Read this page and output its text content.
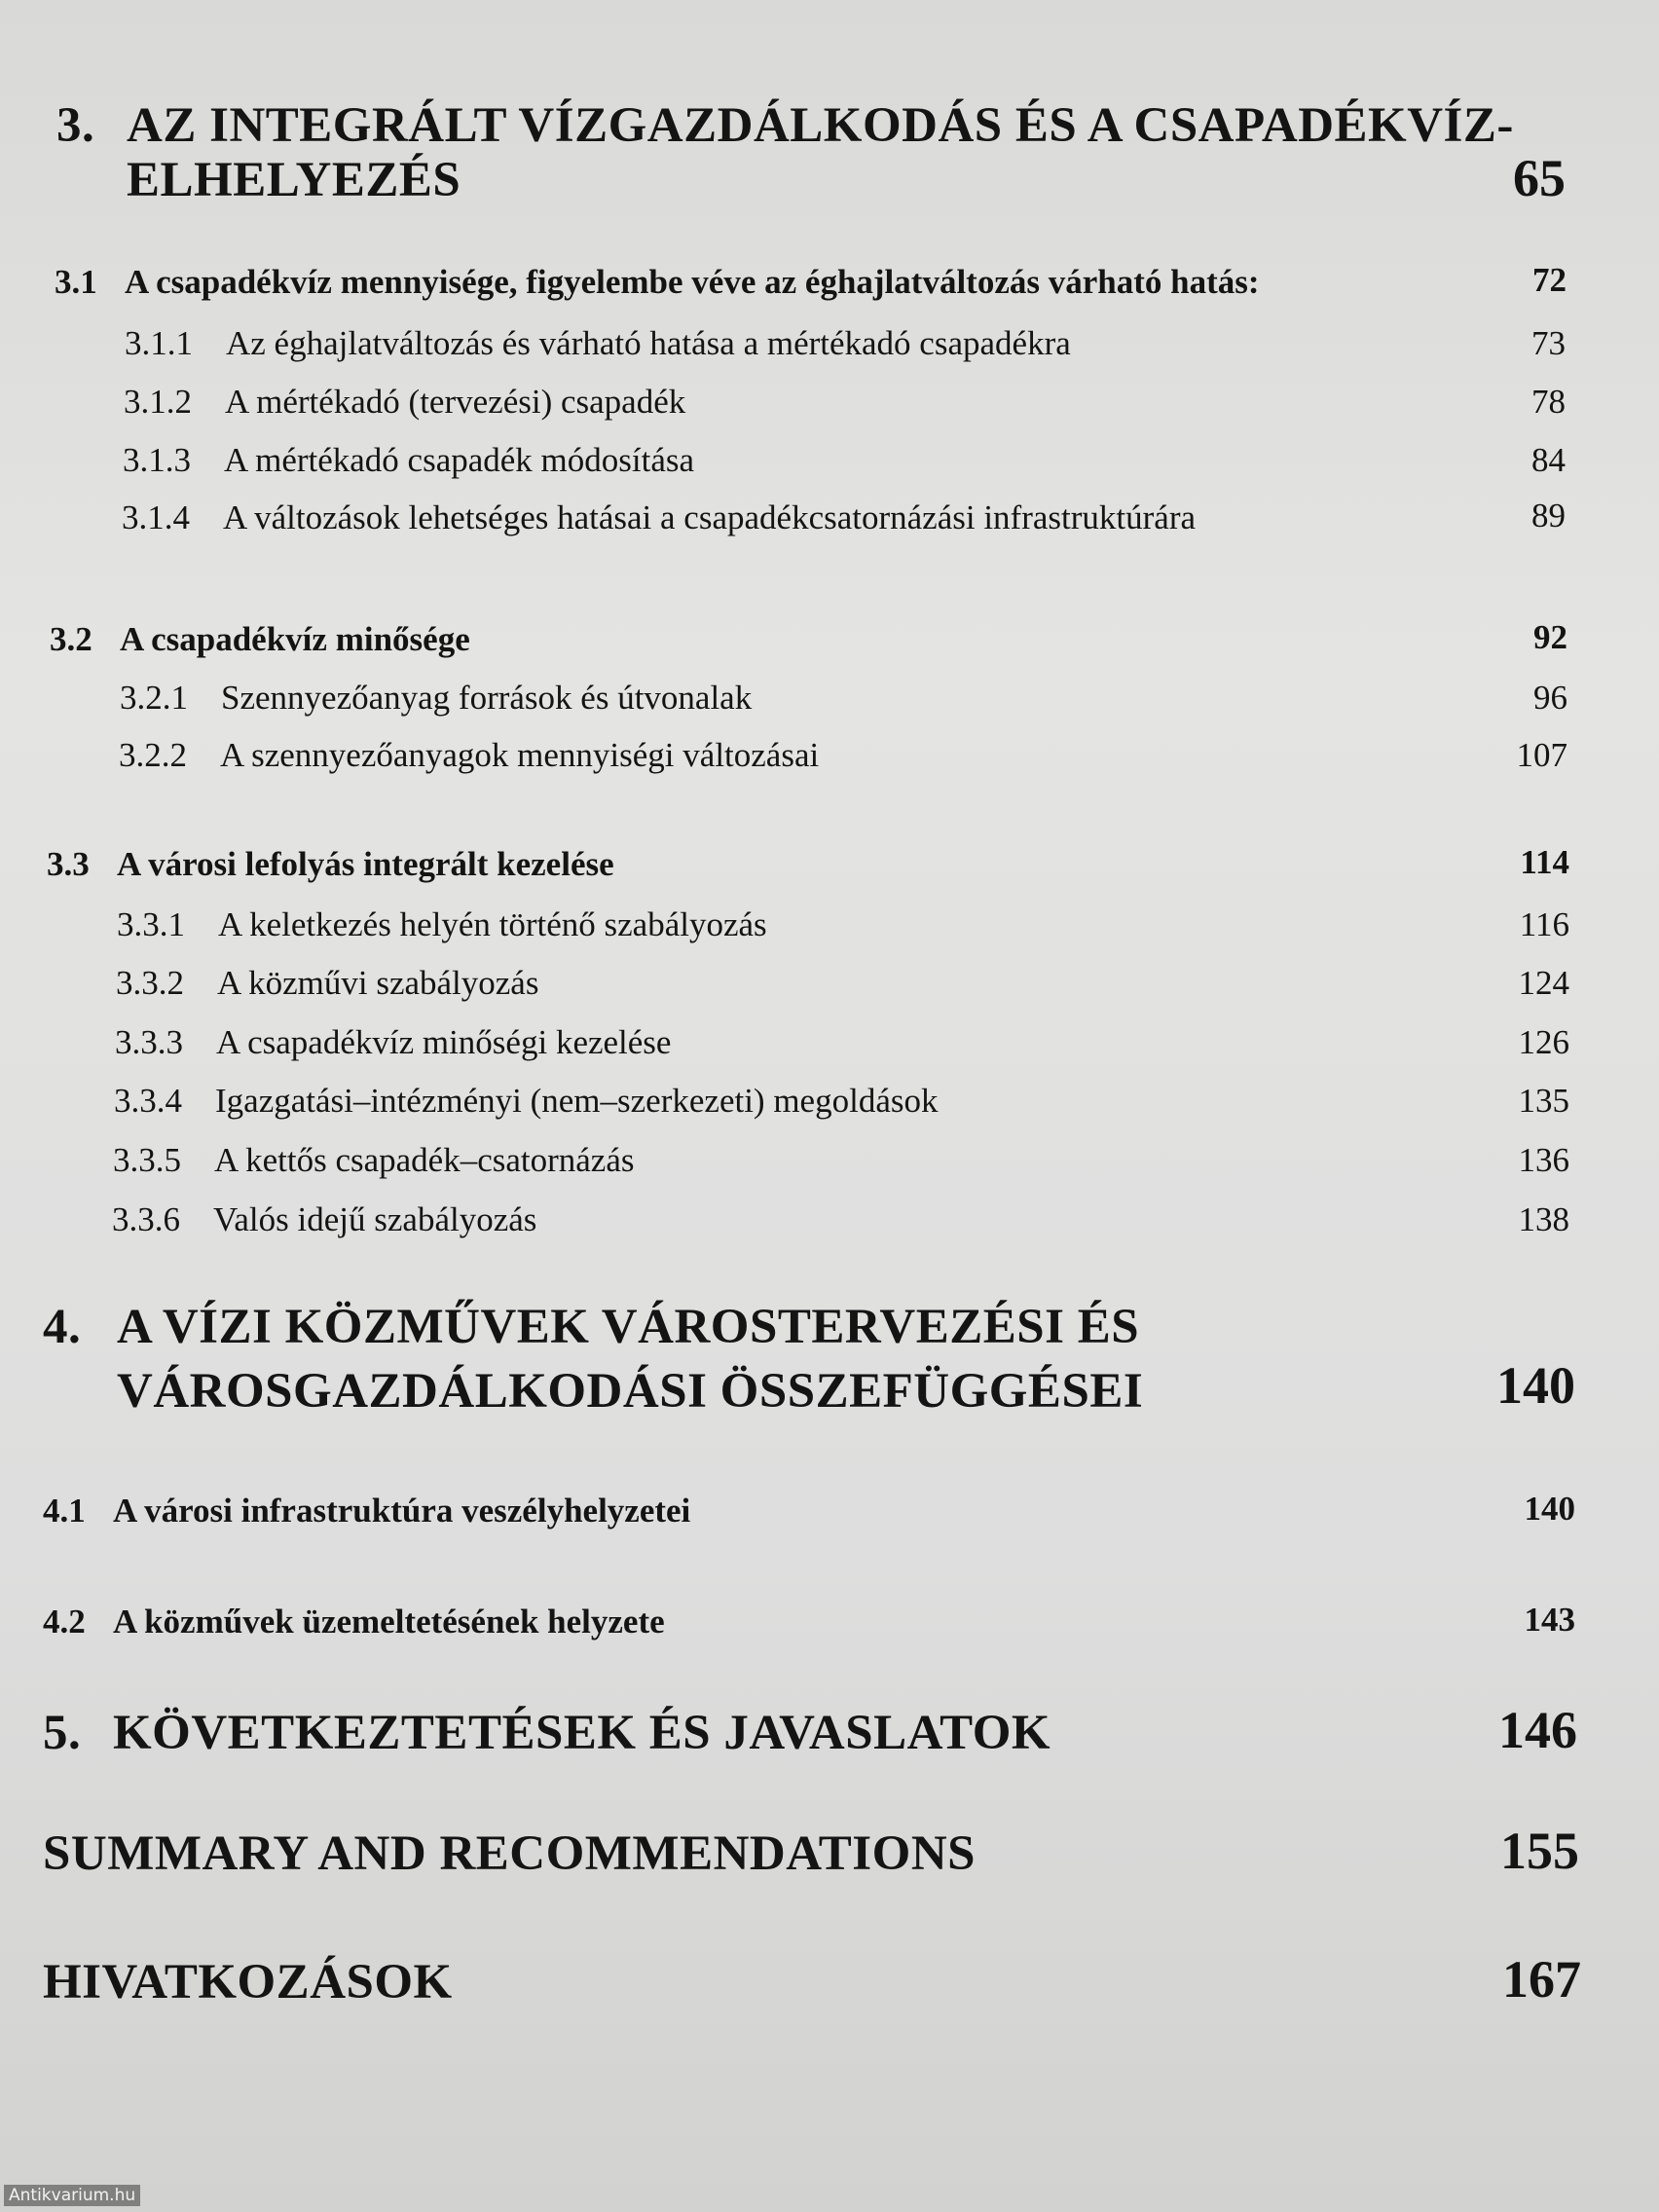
3. AZ INTEGRÁLT VÍZGAZDÁLKODÁS ÉS A CSAPADÉKVÍZ-
ELHELYEZÉS	65
3.1 A csapadékvíz mennyisége, figyelembe véve az éghajlatváltozás várható hatás:	72
3.1.1 Az éghajlatváltozás és várható hatása a mértékadó csapadékra	73
3.1.2 A mértékadó (tervezési) csapadék	78
3.1.3 A mértékadó csapadék módosítása	84
3.1.4 A változások lehetséges hatásai a csapadékcsatornázási infrastruktúrára	89
3.2 A csapadékvíz minősége	92
3.2.1 Szennyezőanyag források és útvonalak	96
3.2.2 A szennyezőanyagok mennyiségi változásai	107
3.3 A városi lefolyás integrált kezelése	114
3.3.1 A keletkezés helyén történő szabályozás	116
3.3.2 A közművi szabályozás	124
3.3.3 A csapadékvíz minőségi kezelése	126
3.3.4 Igazgatási–intézményi (nem–szerkezeti) megoldások	135
3.3.5 A kettős csapadék–csatornázás	136
3.3.6 Valós idejű szabályozás	138
4. A VÍZI KÖZMŰVEK VÁROSTERVEZÉSI ÉS
VÁROSGAZDÁLKODÁSI ÖSSZEFÜGGÉSEI	140
4.1 A városi infrastruktúra veszélyhelyzetei	140
4.2 A közművek üzemeltetésének helyzete	143
5. KÖVETKEZTETÉSEK ÉS JAVASLATOK	146
SUMMARY AND RECOMMENDATIONS	155
HIVATKOZÁSOK	167
Antikvarium.hu
